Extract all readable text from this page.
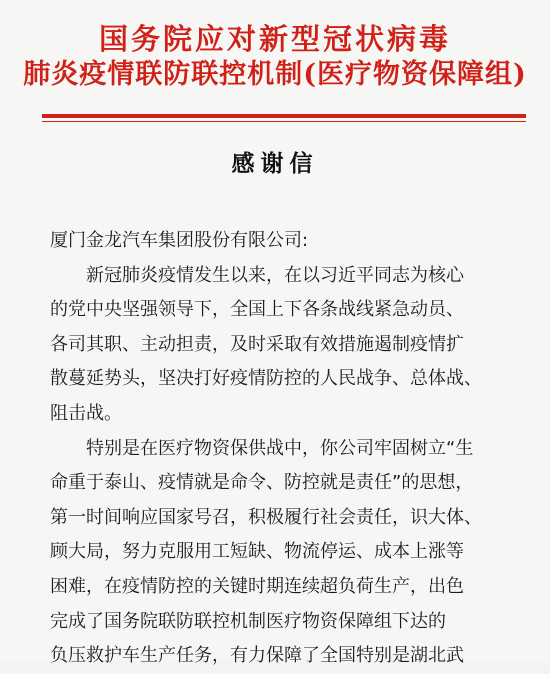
国务院应对新型冠状病毒
肺炎疫情联防联控机制(医疗物资保障组)
感谢信
厦门金龙汽车集团股份有限公司:
新冠肺炎疫情发生以来，在以习近平同志为核心
的党中央坚强领导下，全国上下各条战线紧急动员、
各司其职、主动担责，及时采取有效措施遏制疫情扩
散蔓延势头，坚决打好疫情防控的人民战争、总体战、
阻击战。
特别是在医疗物资保供战中，你公司牢固树立“生
命重于泰山、疫情就是命令、防控就是责任”的思想，
第一时间响应国家号召，积极履行社会责任，识大体、
顾大局，努力克服用工短缺、物流停运、成本上涨等
困难，在疫情防控的关键时期连续超负荷生产，出色
完成了国务院联防联控机制医疗物资保障组下达的
负压救护车生产任务，有力保障了全国特别是湖北武
